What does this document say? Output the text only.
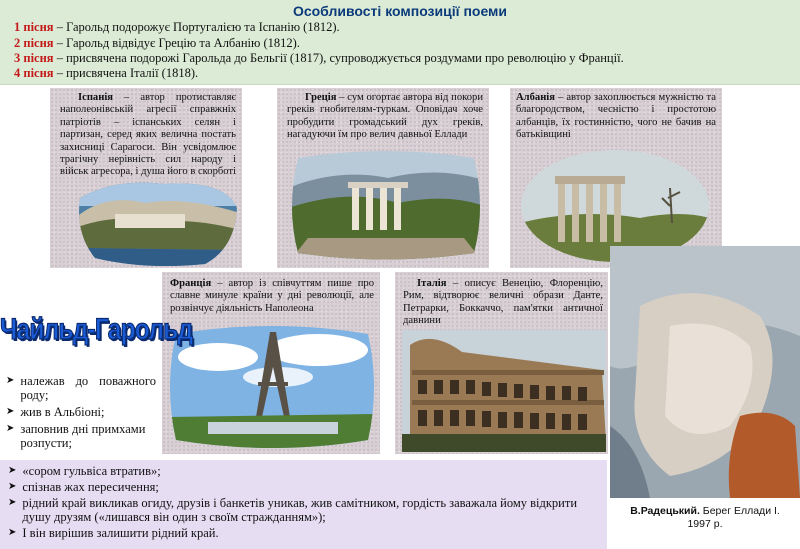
Особливості композиції поеми
1 пісня – Гарольд подорожує Португалією та Іспанію (1812).
2 пісня – Гарольд відвідує Грецію та Албанію (1812).
3 пісня – присвячена подорожі Гарольда до Бельгії (1817), супроводжується роздумами про революцію у Франції.
4 пісня – присвячена Італії (1818).
Іспанія – автор протиставляє наполеонівській агресії справжніх патріотів – іспанських селян і партизан, серед яких велична постать захисниці Сарагоси. Він усвідомлює трагічну нерівність сил народу і військ агресора, і душа його в скорботі
Греція – сум огортає автора від покори греків гнобителям-туркам. Оповідач хоче пробудити громадський дух греків, нагадуючи їм про велич давньої Еллади
Албанія – автор захоплюється мужністю та благородством, чесністю і простотою албанців, їх гостинністю, чого не бачив на батьківщині
Франція – автор із співчуттям пише про славне минуле країни у дні революції, але розвінчує діяльність Наполеона
Італія – описує Венецію, Флоренцію, Рим, відтворює величні образи Данте, Петрарки, Боккаччо, пам'ятки античної давнини
В.Радецький. Берег Еллади І.
1997 р.
Чайльд-Гарольд
➤ належав до поважного роду;
➤ жив в Альбіоні;
➤ заповнив дні примхами розпусти;
➤ «сором гульвіса втратив»;
➤ спізнав жах пересичення;
➤ рідний край викликав огиду, друзів і банкетів уникав, жив самітником, гордість заважала йому відкрити душу друзям («лишався він один з своїм стражданням»);
➤ І він вирішив залишити рідний край.
